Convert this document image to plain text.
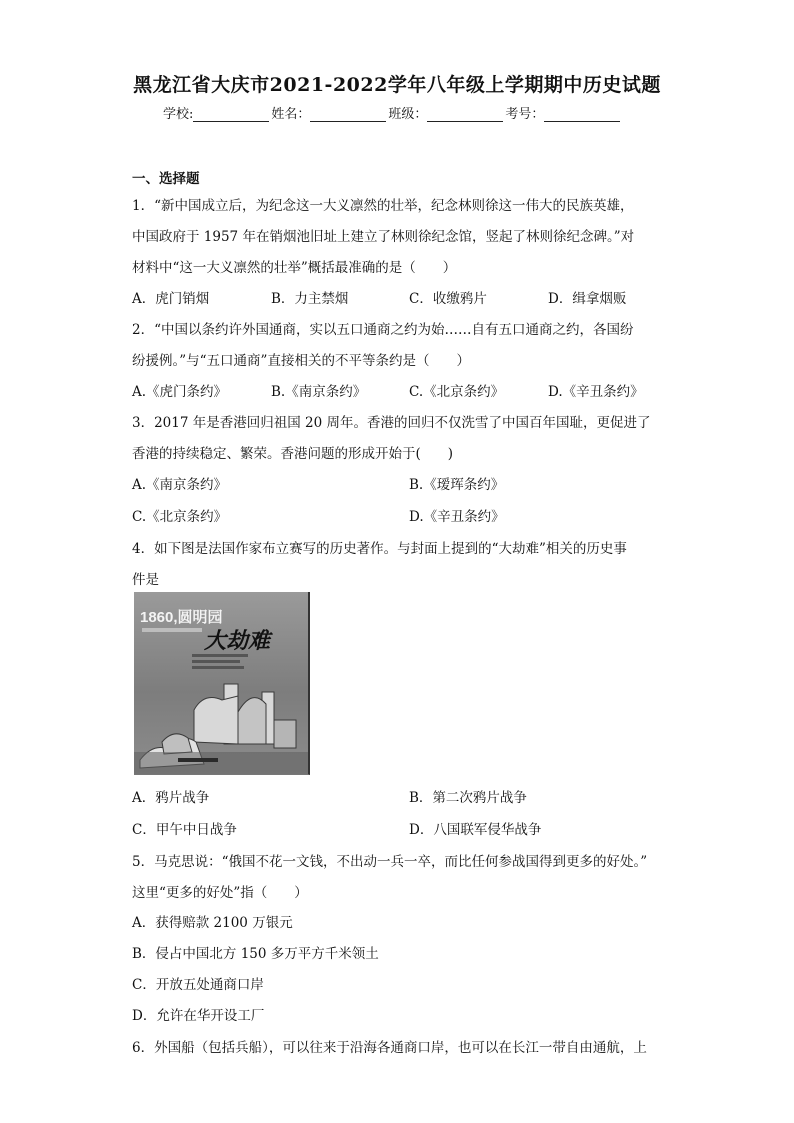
黑龙江省大庆市2021-2022学年八年级上学期期中历史试题
学校:	姓名：	班级：	考号：
一、选择题
1．“新中国成立后，为纪念这一大义凛然的壮举，纪念林则徐这一伟大的民族英雄，
中国政府于 1957 年在销烟池旧址上建立了林则徐纪念馆，竖起了林则徐纪念碑。”对
材料中“这一大义凛然的壮举”概括最准确的是（　　）
A．虎门销烟	B．力主禁烟	C．收缴鸦片	D．缉拿烟贩
2．“中国以条约许外国通商，实以五口通商之约为始……自有五口通商之约，各国纷
纷援例。”与“五口通商”直接相关的不平等条约是（　　）
A.《虎门条约》	B.《南京条约》	C.《北京条约》	D.《辛丑条约》
3．2017 年是香港回归祖国 20 周年。香港的回归不仅洗雪了中国百年国耻，更促进了
香港的持续稳定、繁荣。香港问题的形成开始于(　　)
A.《南京条约》	B.《瑷珲条约》
C.《北京条约》	D.《辛丑条约》
4．如下图是法国作家布立赛写的历史著作。与封面上提到的“大劫难”相关的历史事
件是
1860,圆明园
大劫难
A．鸦片战争	B．第二次鸦片战争
C．甲午中日战争	D．八国联军侵华战争
5．马克思说：“俄国不花一文钱，不出动一兵一卒，而比任何参战国得到更多的好处。”
这里“更多的好处”指（　　）
A．获得赔款 2100 万银元
B．侵占中国北方 150 多万平方千米领土
C．开放五处通商口岸
D．允许在华开设工厂
6．外国船（包括兵船），可以往来于沿海各通商口岸，也可以在长江一带自由通航，上
